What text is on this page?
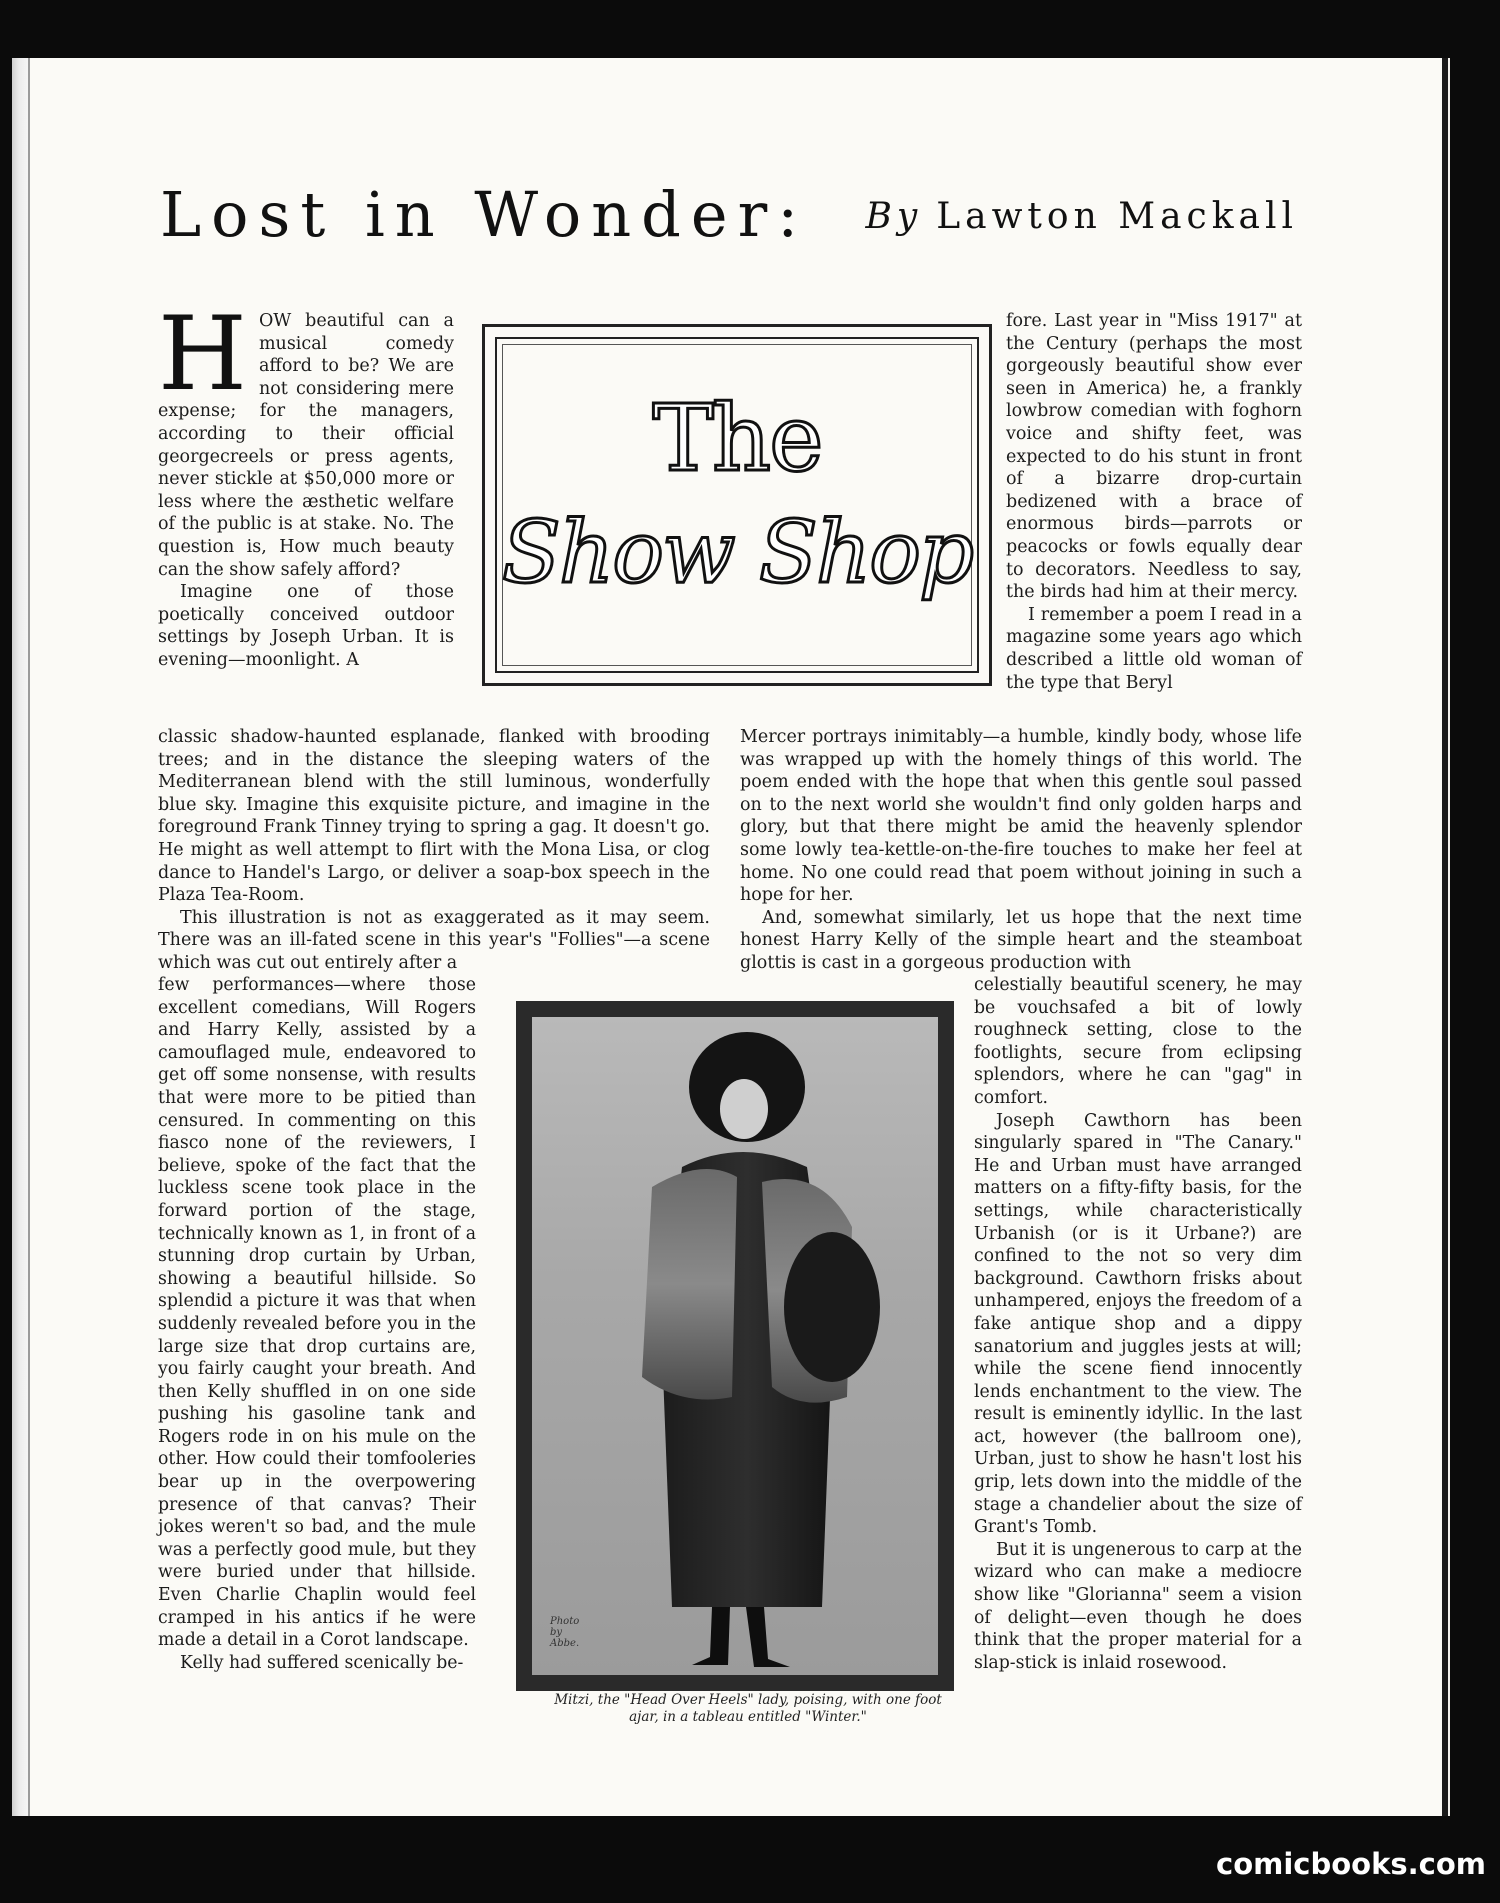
Lost in Wonder: By Lawton Mackall

HOW beautiful can a musical comedy afford to be? We are not considering mere expense; for the managers, according to their official georgecreels or press agents, never stickle at $50,000 more or less where the æsthetic welfare of the public is at stake. No. The question is, How much beauty can the show safely afford?

Imagine one of those poetically conceived outdoor settings by Joseph Urban. It is evening—moonlight. A

The
Show Shop

fore. Last year in "Miss 1917" at the Century (perhaps the most gorgeously beautiful show ever seen in America) he, a frankly lowbrow comedian with foghorn voice and shifty feet, was expected to do his stunt in front of a bizarre drop-curtain bedizened with a brace of enormous birds—parrots or peacocks or fowls equally dear to decorators. Needless to say, the birds had him at their mercy.

I remember a poem I read in a magazine some years ago which described a little old woman of the type that Beryl

classic shadow-haunted esplanade, flanked with brooding trees; and in the distance the sleeping waters of the Mediterranean blend with the still luminous, wonderfully blue sky. Imagine this exquisite picture, and imagine in the foreground Frank Tinney trying to spring a gag. It doesn't go. He might as well attempt to flirt with the Mona Lisa, or clog dance to Handel's Largo, or deliver a soap-box speech in the Plaza Tea-Room.

This illustration is not as exaggerated as it may seem. There was an ill-fated scene in this year's "Follies"—a scene which was cut out entirely after a

Mercer portrays inimitably—a humble, kindly body, whose life was wrapped up with the homely things of this world. The poem ended with the hope that when this gentle soul passed on to the next world she wouldn't find only golden harps and glory, but that there might be amid the heavenly splendor some lowly tea-kettle-on-the-fire touches to make her feel at home. No one could read that poem without joining in such a hope for her.

And, somewhat similarly, let us hope that the next time honest Harry Kelly of the simple heart and the steamboat glottis is cast in a gorgeous production with

few performances—where those excellent comedians, Will Rogers and Harry Kelly, assisted by a camouflaged mule, endeavored to get off some nonsense, with results that were more to be pitied than censured. In commenting on this fiasco none of the reviewers, I believe, spoke of the fact that the luckless scene took place in the forward portion of the stage, technically known as 1, in front of a stunning drop curtain by Urban, showing a beautiful hillside. So splendid a picture it was that when suddenly revealed before you in the large size that drop curtains are, you fairly caught your breath. And then Kelly shuffled in on one side pushing his gasoline tank and Rogers rode in on his mule on the other. How could their tomfooleries bear up in the overpowering presence of that canvas? Their jokes weren't so bad, and the mule was a perfectly good mule, but they were buried under that hillside. Even Charlie Chaplin would feel cramped in his antics if he were made a detail in a Corot landscape.

Kelly had suffered scenically be-

celestially beautiful scenery, he may be vouchsafed a bit of lowly roughneck setting, close to the footlights, secure from eclipsing splendors, where he can "gag" in comfort.

Joseph Cawthorn has been singularly spared in "The Canary." He and Urban must have arranged matters on a fifty-fifty basis, for the settings, while characteristically Urbanish (or is it Urbane?) are confined to the not so very dim background. Cawthorn frisks about unhampered, enjoys the freedom of a fake antique shop and a dippy sanatorium and juggles jests at will; while the scene fiend innocently lends enchantment to the view. The result is eminently idyllic. In the last act, however (the ballroom one), Urban, just to show he hasn't lost his grip, lets down into the middle of the stage a chandelier about the size of Grant's Tomb.

But it is ungenerous to carp at the wizard who can make a mediocre show like "Glorianna" seem a vision of delight—even though he does think that the proper material for a slap-stick is inlaid rosewood.

Photo by Abbe.
Mitzi, the "Head Over Heels" lady, poising, with one foot ajar, in a tableau entitled "Winter."
comicbooks.com
